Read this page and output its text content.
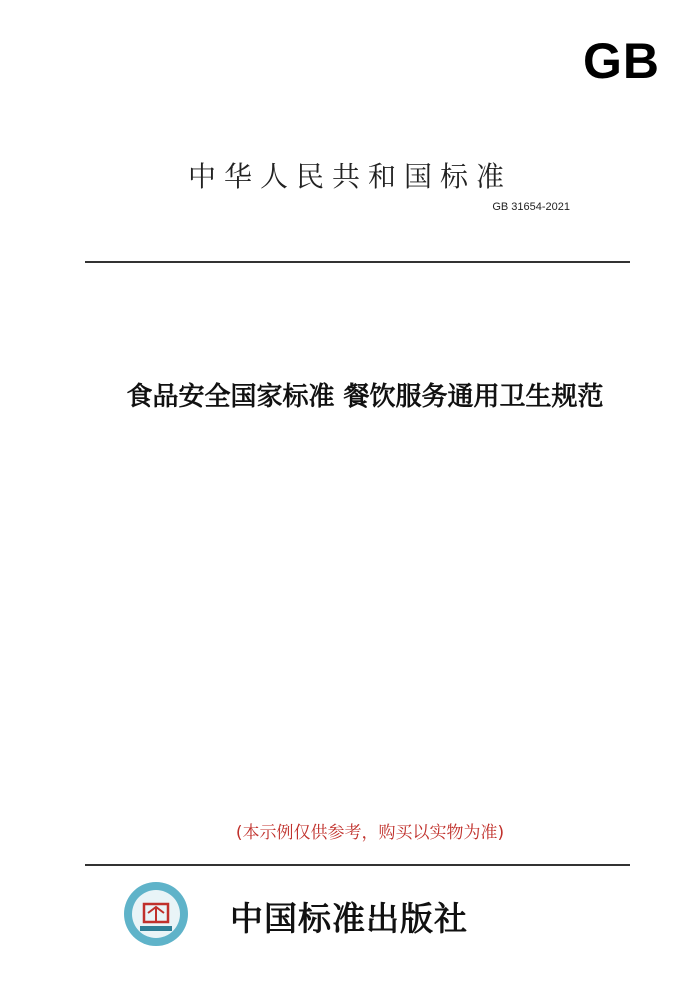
GB
中华人民共和国标准
GB 31654-2021
食品安全国家标准 餐饮服务通用卫生规范
(本示例仅供参考，购买以实物为准)
中国标准出版社
